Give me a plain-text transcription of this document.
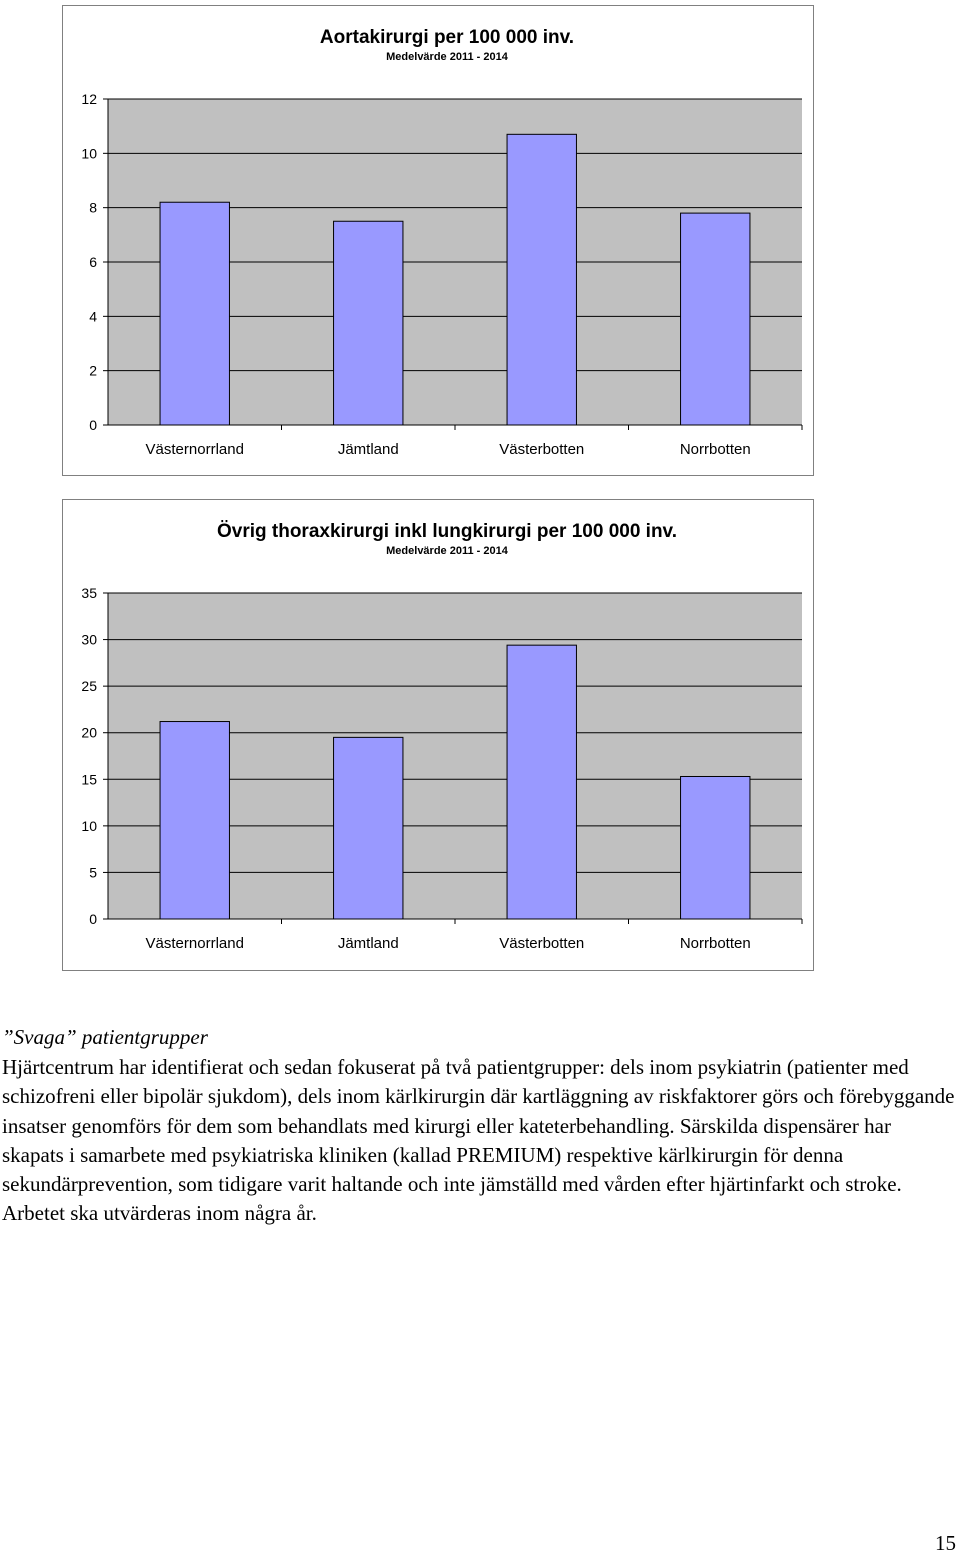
Aortakirurgi per 100 000 inv.
Medelvärde 2011 - 2014
0
2
4
6
8
10
12
Västernorrland	Jämtland	Västerbotten	Norrbotten
Övrig thoraxkirurgi inkl lungkirurgi per 100 000 inv.
Medelvärde 2011 - 2014
0
5
10
15
20
25
30
35
Västernorrland	Jämtland	Västerbotten	Norrbotten
”Svaga” patientgrupper

Hjärtcentrum har identifierat och sedan fokuserat på två patientgrupper: dels inom psykiatrin (patienter med schizofreni eller bipolär sjukdom), dels inom kärlkirurgin där kartläggning av riskfaktorer görs och förebyggande insatser genomförs för dem som behandlats med kirurgi eller kateterbehandling. Särskilda dispensärer har skapats i samarbete med psykiatriska kliniken (kallad PREMIUM) respektive kärlkirurgin för denna sekundärprevention, som tidigare varit haltande och inte jämställd med vården efter hjärtinfarkt och stroke. Arbetet ska utvärderas inom några år.

15
